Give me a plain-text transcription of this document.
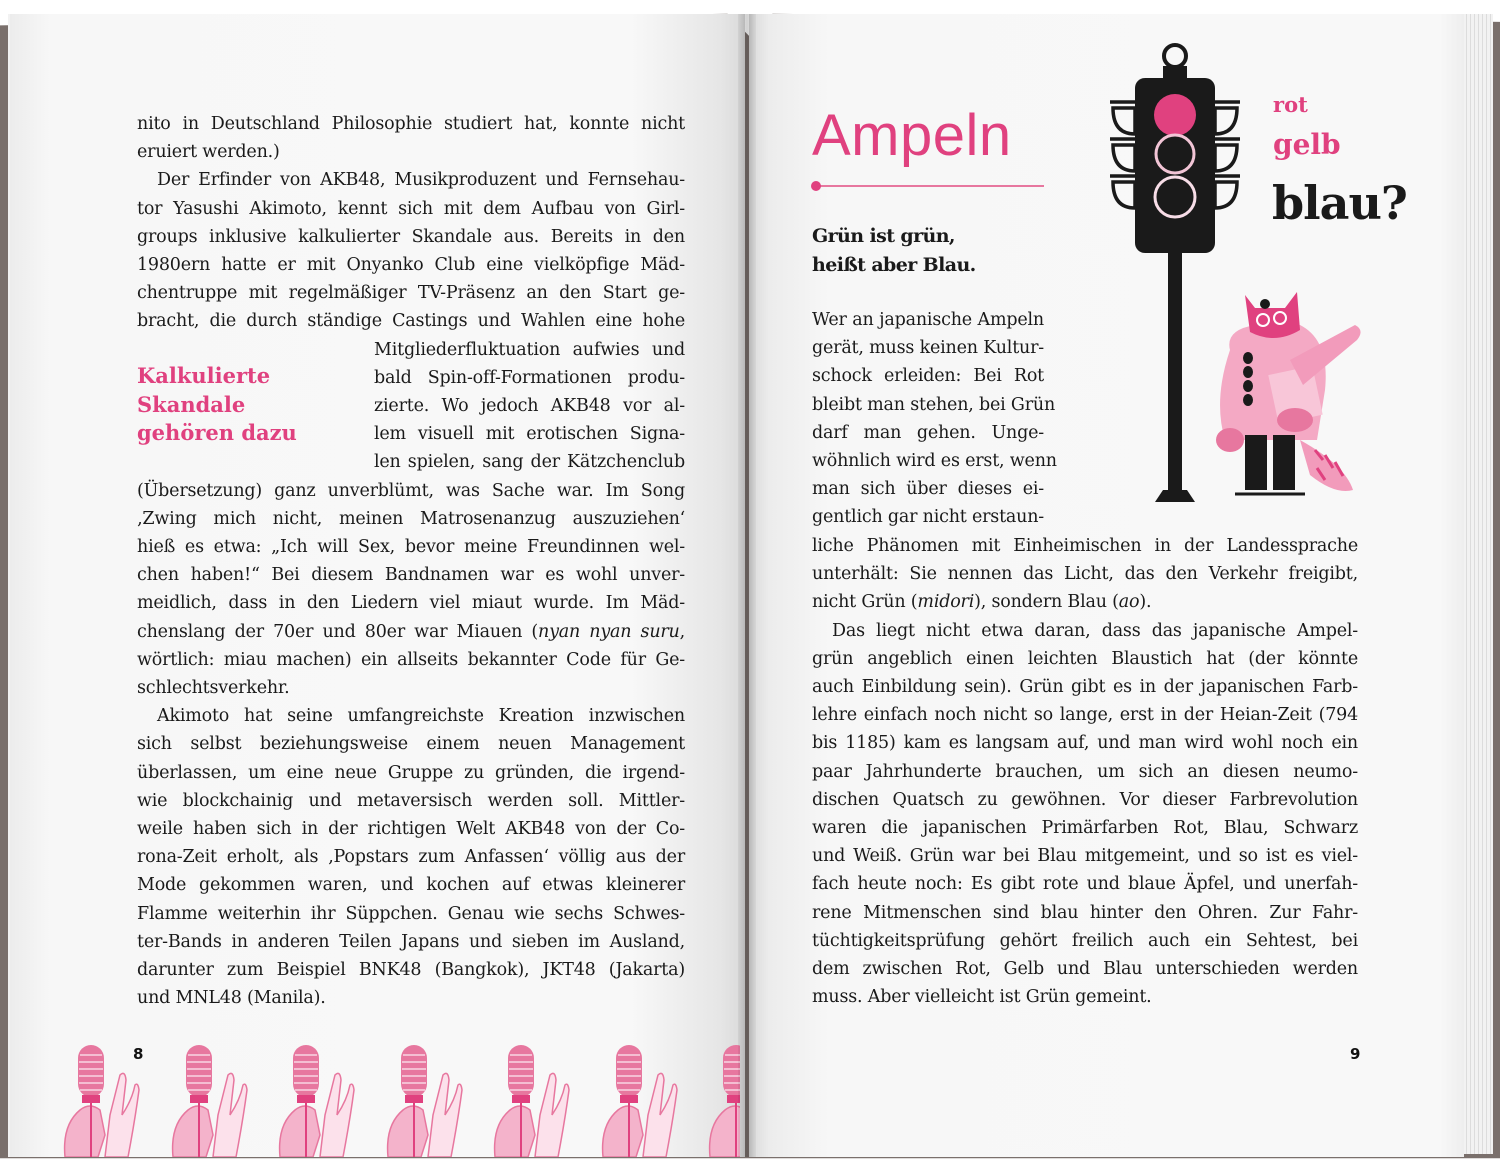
nito in Deutschland Philosophie studiert hat, konnte nicht
eruiert werden.)
Der Erfinder von AKB48, Musikproduzent und Fernsehau-
tor Yasushi Akimoto, kennt sich mit dem Aufbau von Girl-
groups inklusive kalkulierter Skandale aus. Bereits in den
1980ern hatte er mit Onyanko Club eine vielköpfige Mäd-
chentruppe mit regelmäßiger TV-Präsenz an den Start ge-
bracht, die durch ständige Castings und Wahlen eine hohe
Mitgliederfluktuation aufwies und
bald Spin-off-Formationen produ-
zierte. Wo jedoch AKB48 vor al-
lem visuell mit erotischen Signa-
len spielen, sang der Kätzchenclub
(Übersetzung) ganz unverblümt, was Sache war. Im Song
‚Zwing mich nicht, meinen Matrosenanzug auszuziehen‘
hieß es etwa: „Ich will Sex, bevor meine Freundinnen wel-
chen haben!“ Bei diesem Bandnamen war es wohl unver-
meidlich, dass in den Liedern viel miaut wurde. Im Mäd-
chenslang der 70er und 80er war Miauen (nyan nyan suru,
wörtlich: miau machen) ein allseits bekannter Code für Ge-
schlechtsverkehr.
Akimoto hat seine umfangreichste Kreation inzwischen
sich selbst beziehungsweise einem neuen Management
überlassen, um eine neue Gruppe zu gründen, die irgend-
wie blockchainig und metaversisch werden soll. Mittler-
weile haben sich in der richtigen Welt AKB48 von der Co-
rona-Zeit erholt, als ‚Popstars zum Anfassen‘ völlig aus der
Mode gekommen waren, und kochen auf etwas kleinerer
Flamme weiterhin ihr Süppchen. Genau wie sechs Schwes-
ter-Bands in anderen Teilen Japans und sieben im Ausland,
darunter zum Beispiel BNK48 (Bangkok), JKT48 (Jakarta)
und MNL48 (Manila).
Kalkulierte
Skandale
gehören dazu
8
Ampeln
Grün ist grün,
heißt aber Blau.
rot
gelb
blau?
Wer an japanische Ampeln
gerät, muss keinen Kultur-
schock erleiden: Bei Rot
bleibt man stehen, bei Grün
darf man gehen. Unge-
wöhnlich wird es erst, wenn
man sich über dieses ei-
gentlich gar nicht erstaun-
liche Phänomen mit Einheimischen in der Landessprache
unterhält: Sie nennen das Licht, das den Verkehr freigibt,
nicht Grün (midori), sondern Blau (ao).
Das liegt nicht etwa daran, dass das japanische Ampel-
grün angeblich einen leichten Blaustich hat (der könnte
auch Einbildung sein). Grün gibt es in der japanischen Farb-
lehre einfach noch nicht so lange, erst in der Heian-Zeit (794
bis 1185) kam es langsam auf, und man wird wohl noch ein
paar Jahrhunderte brauchen, um sich an diesen neumo-
dischen Quatsch zu gewöhnen. Vor dieser Farbrevolution
waren die japanischen Primärfarben Rot, Blau, Schwarz
und Weiß. Grün war bei Blau mitgemeint, und so ist es viel-
fach heute noch: Es gibt rote und blaue Äpfel, und unerfah-
rene Mitmenschen sind blau hinter den Ohren. Zur Fahr-
tüchtigkeitsprüfung gehört freilich auch ein Sehtest, bei
dem zwischen Rot, Gelb und Blau unterschieden werden
muss. Aber vielleicht ist Grün gemeint.
9
